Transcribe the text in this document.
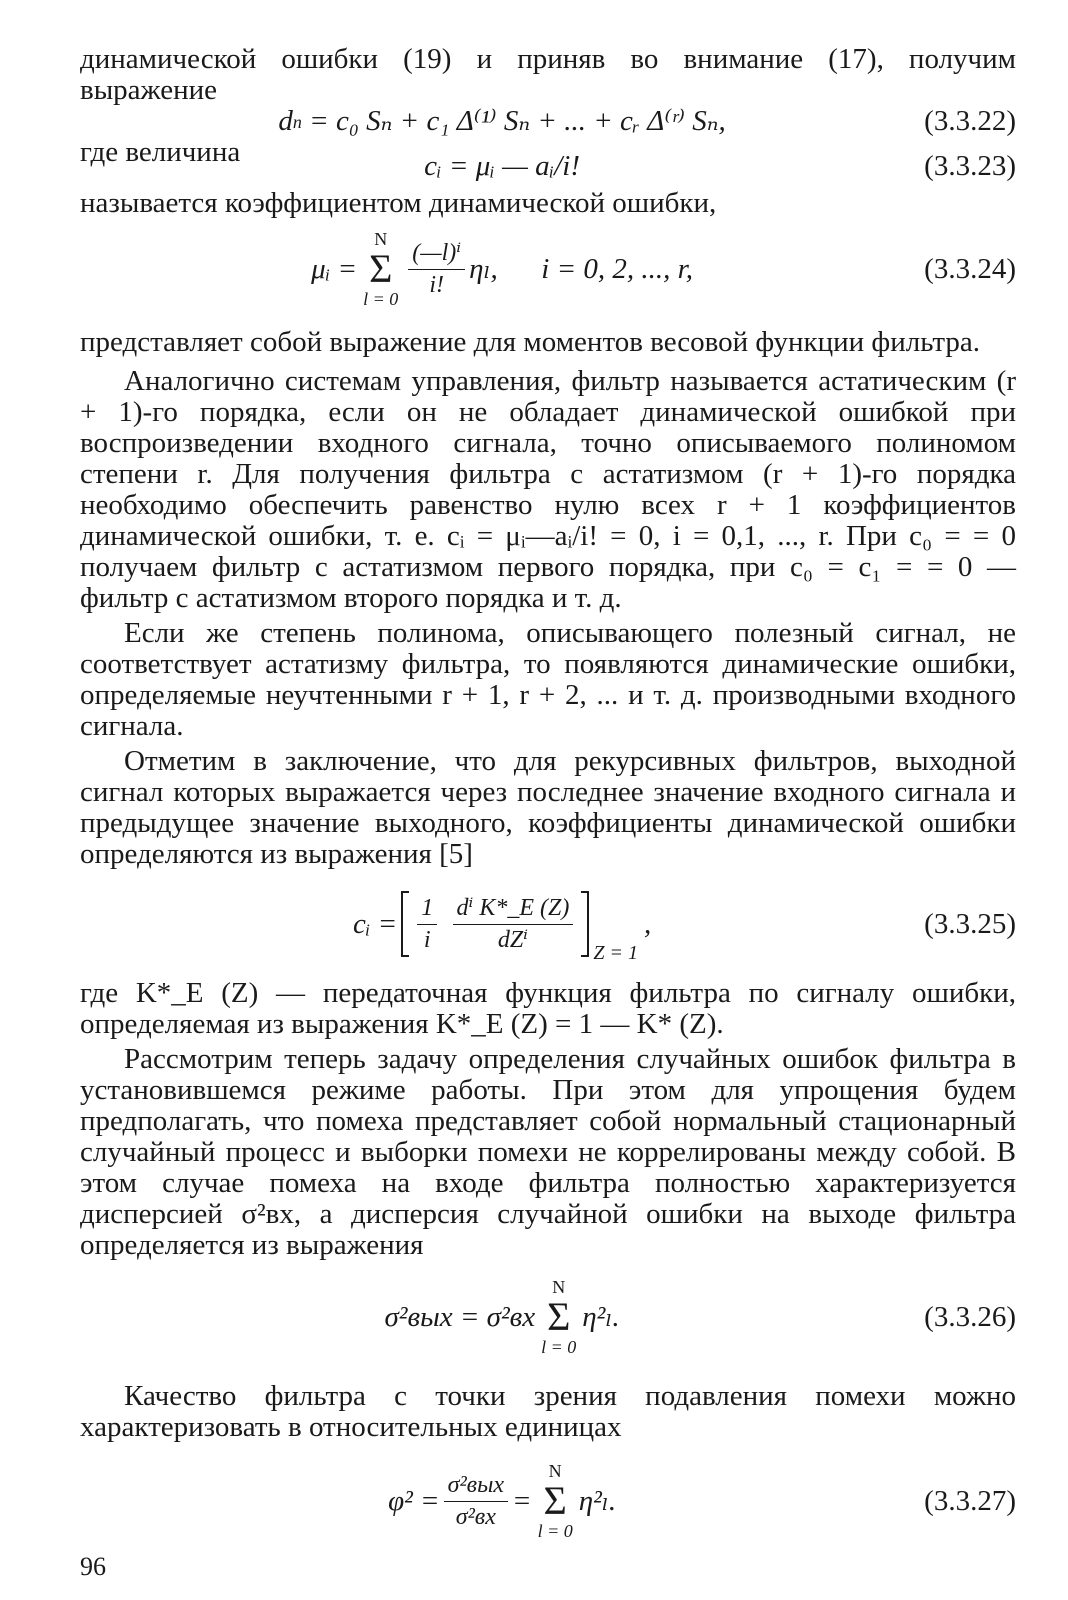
динамической ошибки (19) и приняв во внимание (17), получим выражение

d n
= c₀ Sₙ + c₁ Δ⁽¹⁾ Sₙ + ... + cᵣ Δ⁽ʳ⁾ Sₙ,	(3.3.22)
где величина	cᵢ = μᵢ — aᵢ/i!	(3.3.23)

называется коэффициентом динамической ошибки,

μᵢ =
N
Σ
l = 0
$\frac{\text{(—l)ⁱ}}{i!} \eta_l$,
i = 0, 2, ..., r,	(3.3.24)

представляет собой выражение для моментов весовой функции фильтра.

Аналогично системам управления, фильтр называется астатическим (r + 1)-го порядка, если он не обладает динамической ошибкой при воспроизведении входного сигнала, точно описываемого полиномом степени r. Для получения фильтра с астатизмом (r + 1)-го порядка необходимо обеспечить равенство нулю всех r + 1 коэффициентов динамической ошибки, т. е. cᵢ = μᵢ—aᵢ/i! = 0, i = 0,1, ..., r. При c₀ = = 0 получаем фильтр с астатизмом первого порядка, при c₀ = c₁ = = 0 — фильтр с астатизмом второго порядка и т. д.

Если же степень полинома, описывающего полезный сигнал, не соответствует астатизму фильтра, то появляются динамические ошибки, определяемые неучтенными r + 1, r + 2, ... и т. д. производными входного сигнала.

Отметим в заключение, что для рекурсивных фильтров, выходной сигнал которых выражается через последнее значение входного сигнала и предыдущее значение выходного, коэффициенты динамической ошибки определяются из выражения [5]

cᵢ = $\frac{1}{i}$
$\frac{\text{dⁱ K*\_E (Z)}}{\text{dZⁱ}}$ Z = 1
,	(3.3.25)

где K*_E (Z) — передаточная функция фильтра по сигналу ошибки, определяемая из выражения K*_E (Z) = 1 — K* (Z).

Рассмотрим теперь задачу определения случайных ошибок фильтра в установившемся режиме работы. При этом для упрощения будем предполагать, что помеха представляет собой нормальный стационарный случайный процесс и выборки помехи не коррелированы между собой. В этом случае помеха на входе фильтра полностью характеризуется дисперсией σ²вх, а дисперсия случайной ошибки на выходе фильтра определяется из выражения

σ²вых = σ²вх
N
Σ
l = 0
η²ₗ.	(3.3.26)

Качество фильтра с точки зрения подавления помехи можно характеризовать в относительных единицах

$\varphi^2 = \frac{\text{σ²вых}}{\text{σ²вх}}$ =
N
Σ
l = 0
η²ₗ.	(3.3.27)
96
